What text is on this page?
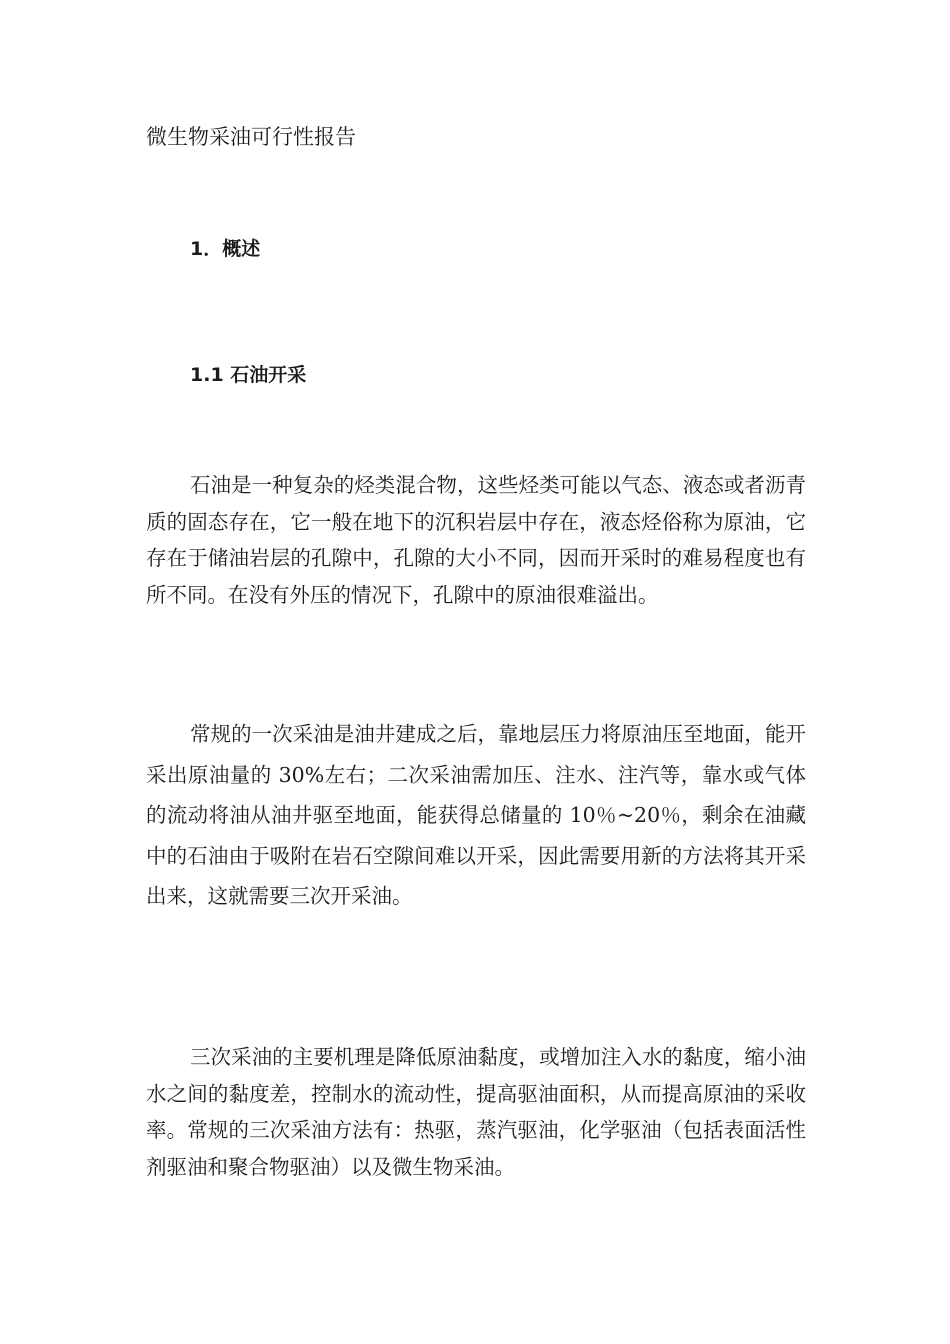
微生物采油可行性报告
1．概述
1.1 石油开采

石油是一种复杂的烃类混合物，这些烃类可能以气态、液态或者沥青质的固态存在，它一般在地下的沉积岩层中存在，液态烃俗称为原油，它存在于储油岩层的孔隙中，孔隙的大小不同，因而开采时的难易程度也有所不同。在没有外压的情况下，孔隙中的原油很难溢出。

常规的一次采油是油井建成之后，靠地层压力将原油压至地面，能开采出原油量的 30%左右；二次采油需加压、注水、注汽等，靠水或气体的流动将油从油井驱至地面，能获得总储量的 10％~20％，剩余在油藏中的石油由于吸附在岩石空隙间难以开采，因此需要用新的方法将其开采出来，这就需要三次开采油。

三次采油的主要机理是降低原油黏度，或增加注入水的黏度，缩小油水之间的黏度差，控制水的流动性，提高驱油面积，从而提高原油的采收率。常规的三次采油方法有：热驱，蒸汽驱油，化学驱油（包括表面活性剂驱油和聚合物驱油）以及微生物采油。
